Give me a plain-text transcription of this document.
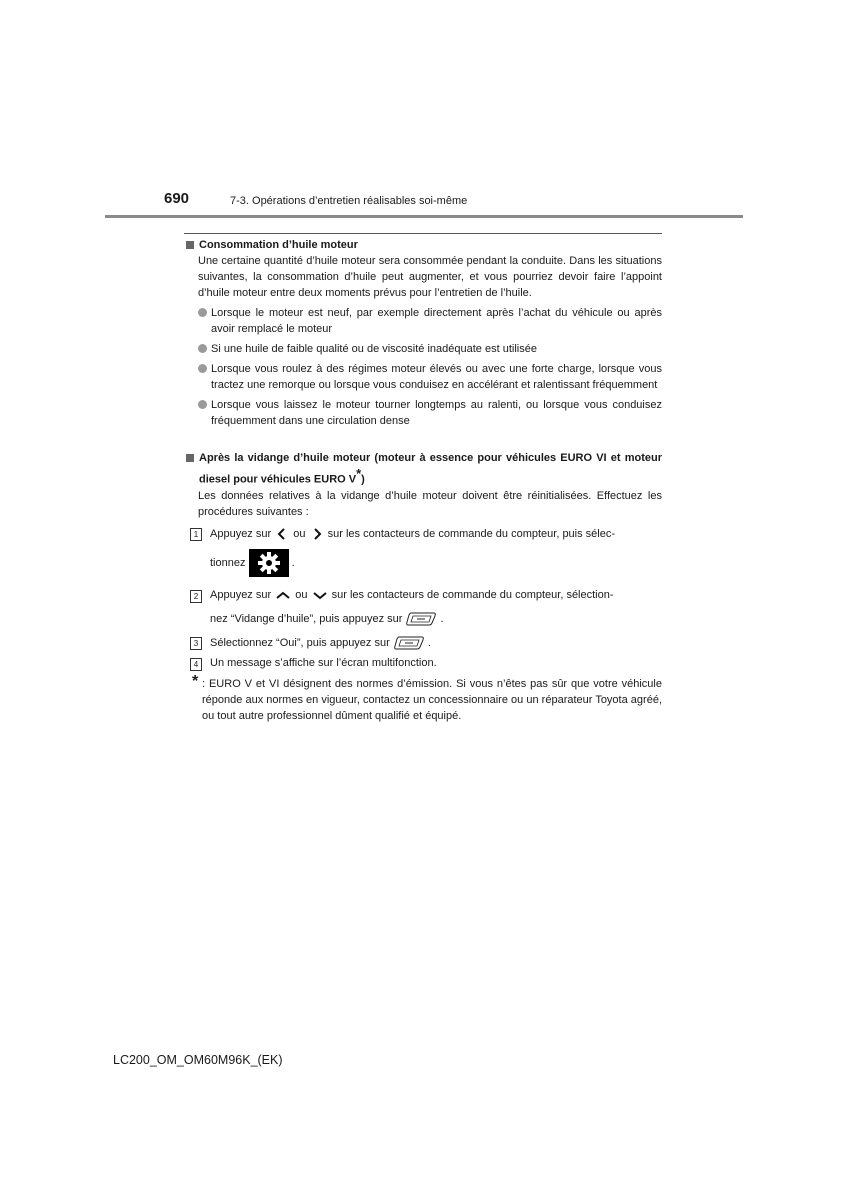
690	7-3. Opérations d’entretien réalisables soi-même
Consommation d’huile moteur
Une certaine quantité d’huile moteur sera consommée pendant la conduite. Dans les situations suivantes, la consommation d’huile peut augmenter, et vous pourriez devoir faire l’appoint d’huile moteur entre deux moments prévus pour l’entretien de l’huile.
Lorsque le moteur est neuf, par exemple directement après l’achat du véhicule ou après avoir remplacé le moteur
Si une huile de faible qualité ou de viscosité inadéquate est utilisée
Lorsque vous roulez à des régimes moteur élevés ou avec une forte charge, lorsque vous tractez une remorque ou lorsque vous conduisez en accélérant et ralentissant fréquemment
Lorsque vous laissez le moteur tourner longtemps au ralenti, ou lorsque vous conduisez fréquemment dans une circulation dense
Après la vidange d’huile moteur (moteur à essence pour véhicules EURO VI et moteur diesel pour véhicules EURO V*)
Les données relatives à la vidange d’huile moteur doivent être réinitialisées. Effectuez les procédures suivantes :
1	Appuyez sur ou sur les contacteurs de commande du compteur, puis sélec-
tionnez	.
2	Appuyez sur ou sur les contacteurs de commande du compteur, sélection-
nez “Vidange d’huile”, puis appuyez sur	.
3	Sélectionnez “Oui”, puis appuyez sur	.
4	Un message s’affiche sur l’écran multifonction.
* : EURO V et VI désignent des normes d’émission. Si vous n’êtes pas sûr que votre véhicule réponde aux normes en vigueur, contactez un concessionnaire ou un réparateur Toyota agréé, ou tout autre professionnel dûment qualifié et équipé.
LC200_OM_OM60M96K_(EK)
